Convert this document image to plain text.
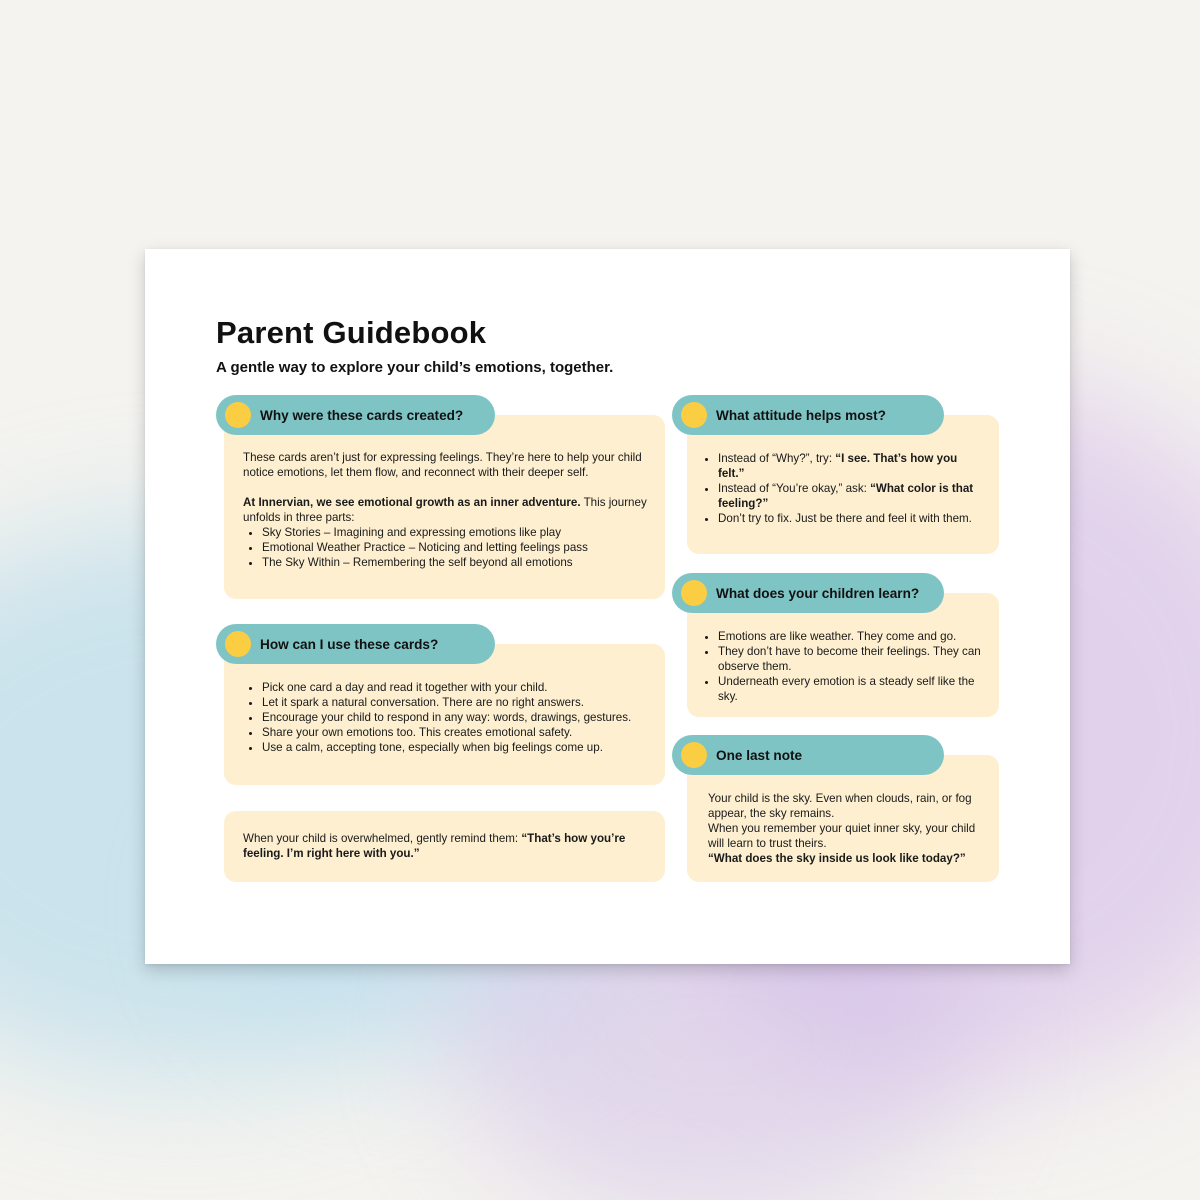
Parent Guidebook

A gentle way to explore your child’s emotions, together.

These cards aren’t just for expressing feelings. They’re here to help your child notice emotions, let them flow, and reconnect with their deeper self.

At Innervian, we see emotional growth as an inner adventure. This journey unfolds in three parts:

• Sky Stories – Imagining and expressing emotions like play
• Emotional Weather Practice – Noticing and letting feelings pass
• The Sky Within – Remembering the self beyond all emotions
Why were these cards created?
• Pick one card a day and read it together with your child.
• Let it spark a natural conversation. There are no right answers.
• Encourage your child to respond in any way: words, drawings, gestures.
• Share your own emotions too. This creates emotional safety.
• Use a calm, accepting tone, especially when big feelings come up.
How can I use these cards?

When your child is overwhelmed, gently remind them: “That’s how you’re feeling. I’m right here with you.”

• Instead of “Why?”, try: “I see. That’s how you felt.”
• Instead of “You’re okay,” ask: “What color is that feeling?”
• Don’t try to fix. Just be there and feel it with them.
What attitude helps most?
• Emotions are like weather. They come and go.
• They don’t have to become their feelings. They can observe them.
• Underneath every emotion is a steady self like the sky.
What does your children learn?

Your child is the sky. Even when clouds, rain, or fog appear, the sky remains.

When you remember your quiet inner sky, your child will learn to trust theirs.

“What does the sky inside us look like today?”

One last note
